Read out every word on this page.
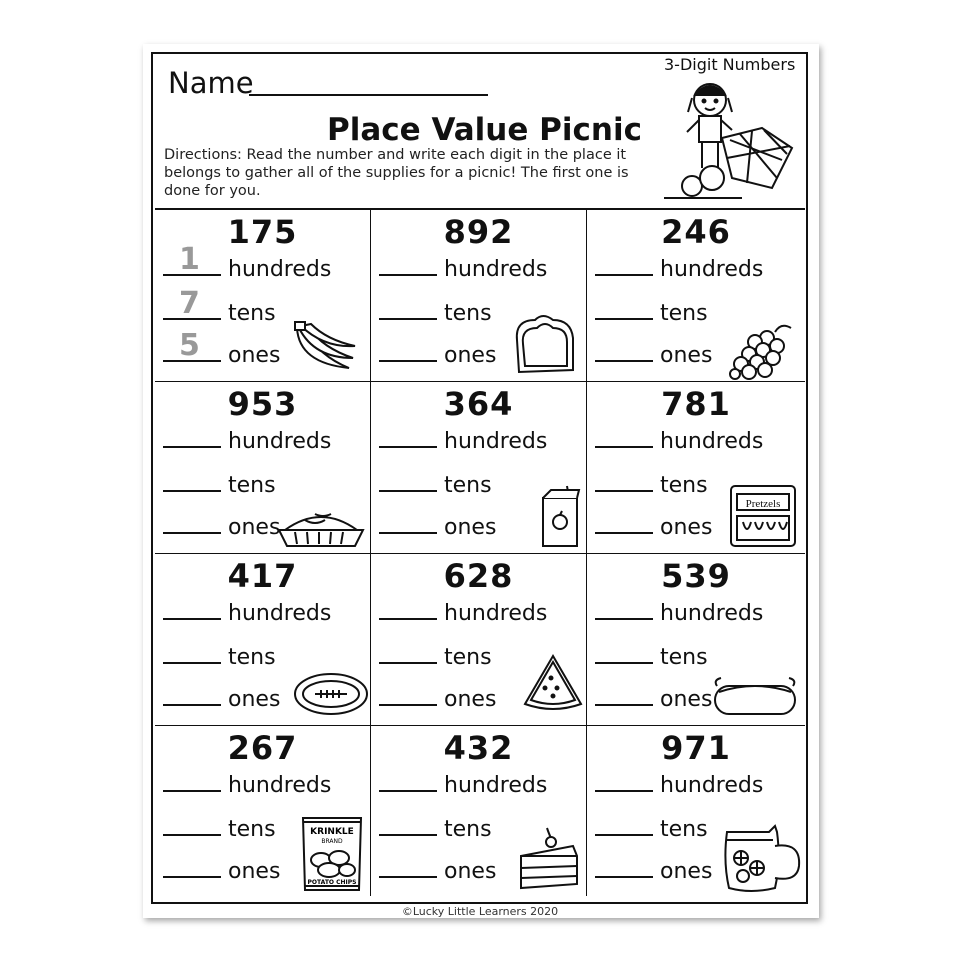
Name
3-Digit Numbers
Place Value Picnic
Directions: Read the number and write each digit in the place it belongs to gather all of the supplies for a picnic! The first one is done for you.
175
1 hundreds
7 tens
5 ones
892
hundreds
tens
ones
246
hundreds
tens
ones
953
hundreds
tens
ones
364
hundreds
tens
ones
781
hundreds
tens
ones
Pretzels
417
hundreds
tens
ones
628
hundreds
tens
ones
539
hundreds
tens
ones
267
hundreds
tens
ones
KRINKLE
BRAND
POTATO CHIPS
432
hundreds
tens
ones
971
hundreds
tens
ones
©Lucky Little Learners 2020
